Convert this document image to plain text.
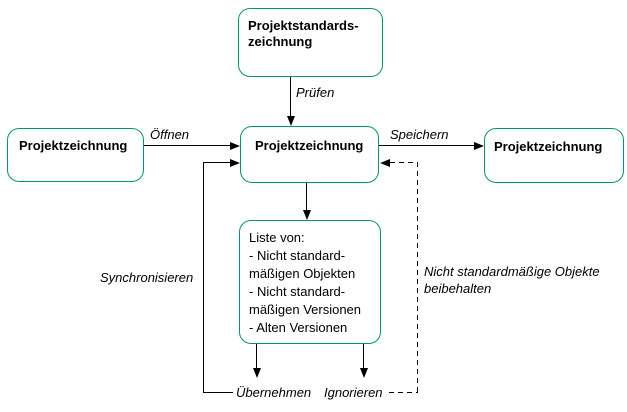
Projektstandards-
zeichnung
Projektzeichnung	Projektzeichnung	Projektzeichnung
Liste von:
- Nicht standard-
mäßigen Objekten
- Nicht standard-
mäßigen Versionen
- Alten Versionen
Öffnen
Prüfen
Speichern
Synchronisieren
Übernehmen Ignorieren
Nicht standardmäßige Objekte
beibehalten
